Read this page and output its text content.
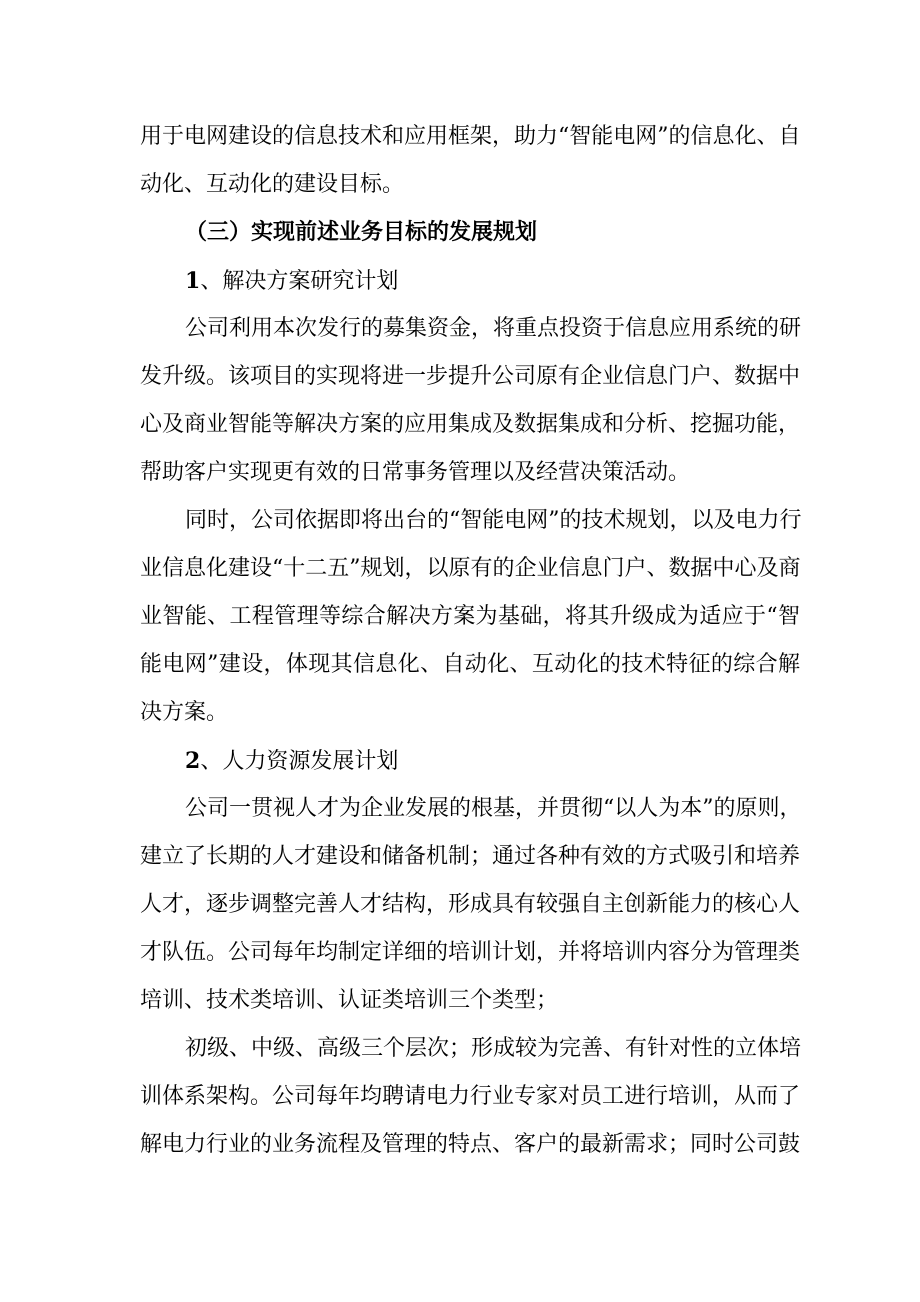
用于电网建设的信息技术和应用框架，助力“智能电网”的信息化、自
动化、互动化的建设目标。
（三）实现前述业务目标的发展规划
1、解决方案研究计划
公司利用本次发行的募集资金，将重点投资于信息应用系统的研
发升级。该项目的实现将进一步提升公司原有企业信息门户、数据中
心及商业智能等解决方案的应用集成及数据集成和分析、挖掘功能，
帮助客户实现更有效的日常事务管理以及经营决策活动。
同时，公司依据即将出台的“智能电网”的技术规划，以及电力行
业信息化建设“十二五”规划，以原有的企业信息门户、数据中心及商
业智能、工程管理等综合解决方案为基础，将其升级成为适应于“智
能电网”建设，体现其信息化、自动化、互动化的技术特征的综合解
决方案。
2、人力资源发展计划
公司一贯视人才为企业发展的根基，并贯彻“以人为本”的原则，
建立了长期的人才建设和储备机制；通过各种有效的方式吸引和培养
人才，逐步调整完善人才结构，形成具有较强自主创新能力的核心人
才队伍。公司每年均制定详细的培训计划，并将培训内容分为管理类
培训、技术类培训、认证类培训三个类型；
初级、中级、高级三个层次；形成较为完善、有针对性的立体培
训体系架构。公司每年均聘请电力行业专家对员工进行培训，从而了
解电力行业的业务流程及管理的特点、客户的最新需求；同时公司鼓
